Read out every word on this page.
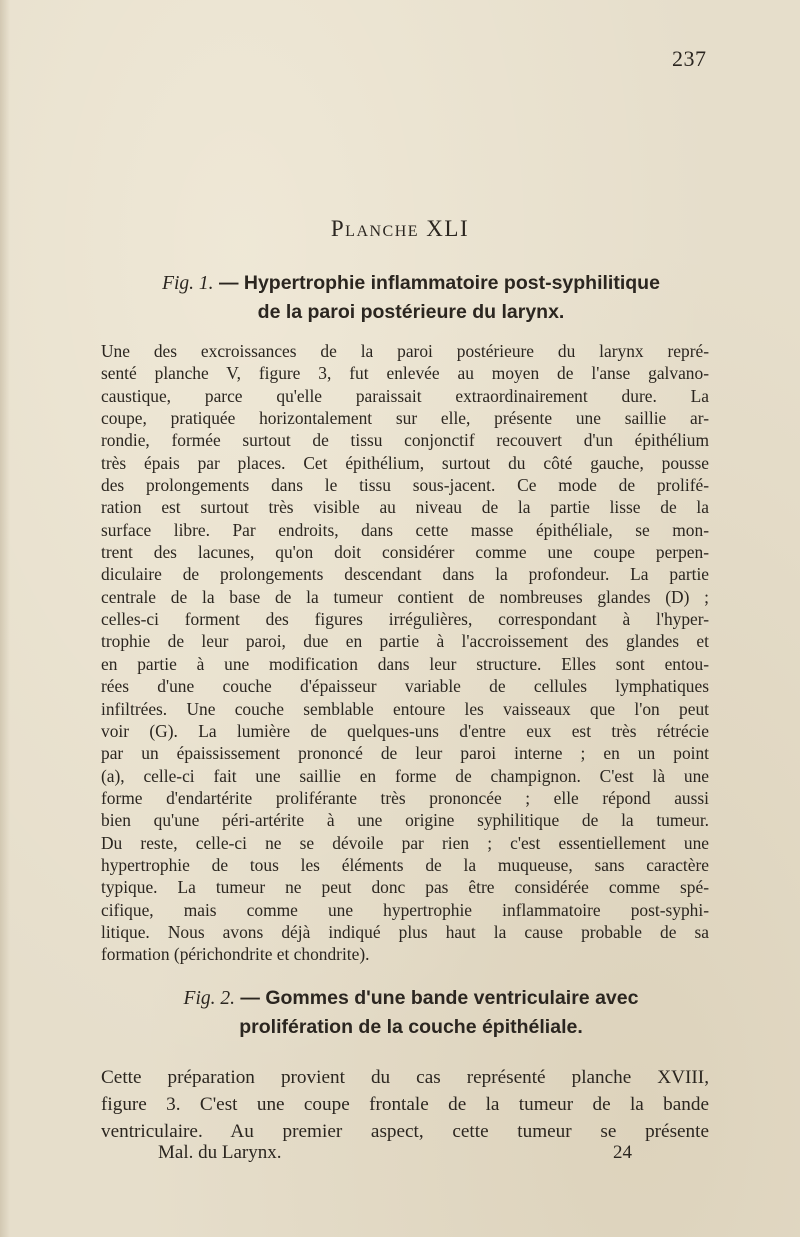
237
Planche XLI
Fig. 1. — Hypertrophie inflammatoire post-syphilitique
de la paroi postérieure du larynx.
Une des excroissances de la paroi postérieure du larynx repré-
senté planche V, figure 3, fut enlevée au moyen de l'anse galvano-
caustique, parce qu'elle paraissait extraordinairement dure. La
coupe, pratiquée horizontalement sur elle, présente une saillie ar-
rondie, formée surtout de tissu conjonctif recouvert d'un épithélium
très épais par places. Cet épithélium, surtout du côté gauche, pousse
des prolongements dans le tissu sous-jacent. Ce mode de prolifé-
ration est surtout très visible au niveau de la partie lisse de la
surface libre. Par endroits, dans cette masse épithéliale, se mon-
trent des lacunes, qu'on doit considérer comme une coupe perpen-
diculaire de prolongements descendant dans la profondeur. La partie
centrale de la base de la tumeur contient de nombreuses glandes (D) ;
celles-ci forment des figures irrégulières, correspondant à l'hyper-
trophie de leur paroi, due en partie à l'accroissement des glandes et
en partie à une modification dans leur structure. Elles sont entou-
rées d'une couche d'épaisseur variable de cellules lymphatiques
infiltrées. Une couche semblable entoure les vaisseaux que l'on peut
voir (G). La lumière de quelques-uns d'entre eux est très rétrécie
par un épaississement prononcé de leur paroi interne ; en un point
(a), celle-ci fait une saillie en forme de champignon. C'est là une
forme d'endartérite proliférante très prononcée ; elle répond aussi
bien qu'une péri-artérite à une origine syphilitique de la tumeur.
Du reste, celle-ci ne se dévoile par rien ; c'est essentiellement une
hypertrophie de tous les éléments de la muqueuse, sans caractère
typique. La tumeur ne peut donc pas être considérée comme spé-
cifique, mais comme une hypertrophie inflammatoire post-syphi-
litique. Nous avons déjà indiqué plus haut la cause probable de sa
formation (périchondrite et chondrite).
Fig. 2. — Gommes d'une bande ventriculaire avec
prolifération de la couche épithéliale.
Cette préparation provient du cas représenté planche XVIII,
figure 3. C'est une coupe frontale de la tumeur de la bande
ventriculaire. Au premier aspect, cette tumeur se présente
Mal. du Larynx.	24
